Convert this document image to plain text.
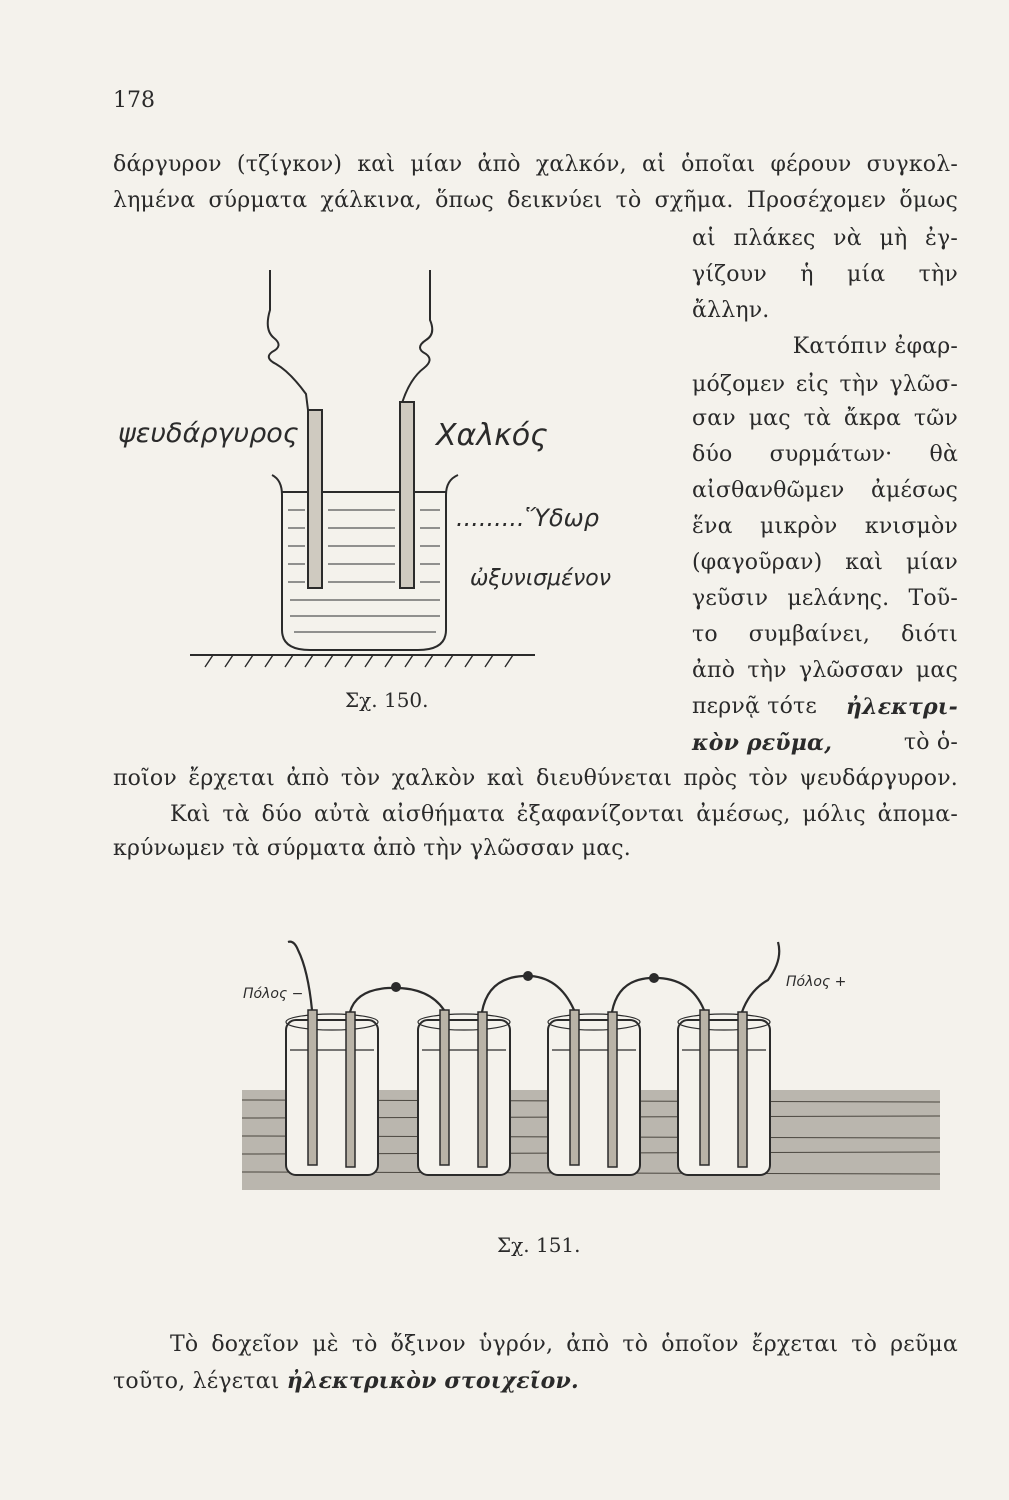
178
δάργυρον (τζίγκον) καὶ μίαν ἀπὸ χαλκόν, αἱ ὁποῖαι φέρουν συγκολ-
λημένα σύρματα χάλκινα, ὅπως δεικνύει τὸ σχῆμα. Προσέχομεν ὅμως
αἱ πλάκες νὰ μὴ ἐγ-
γίζουν ἡ μία τὴν
ἄλλην.
Κατόπιν ἐφαρ-
μόζομεν εἰς τὴν γλῶσ-
σαν μας τὰ ἄκρα τῶν
δύο συρμάτων· θὰ
αἰσθανθῶμεν ἀμέσως
ἕνα μικρὸν κνισμὸν
(φαγοῦραν) καὶ μίαν
γεῦσιν μελάνης. Τοῦ-
το συμβαίνει, διότι
ἀπὸ τὴν γλῶσσαν μας
περνᾷ τότε ἠλεκτρι-
κὸν ρεῦμα,	τὸ ὁ-
ποῖον ἔρχεται ἀπὸ τὸν χαλκὸν καὶ διευθύνεται πρὸς τὸν ψευδάργυρον.
Καὶ τὰ δύο αὐτὰ αἰσθήματα ἐξαφανίζονται ἀμέσως, μόλις ἀπομα-
κρύνωμεν τὰ σύρματα ἀπὸ τὴν γλῶσσαν μας.
ψευδάργυρος	Χαλκός
.........Ὕδωρ
ὠξυνισμένον
Σχ. 150.
Πόλος −
Πόλος +
Σχ. 151.
Τὸ δοχεῖον μὲ τὸ ὄξινον ὑγρόν, ἀπὸ τὸ ὁποῖον ἔρχεται τὸ ρεῦμα
τοῦτο, λέγεται ἠλεκτρικὸν στοιχεῖον.
